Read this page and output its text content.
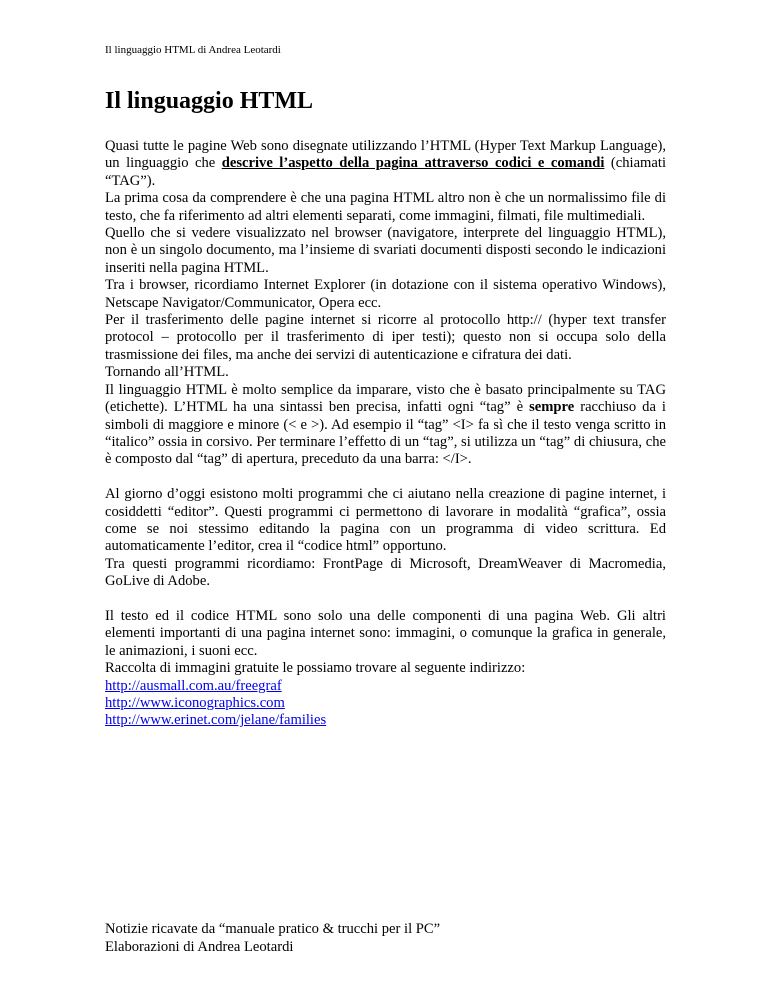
Il linguaggio HTML di Andrea Leotardi
Il linguaggio HTML

Quasi tutte le pagine Web sono disegnate utilizzando l’HTML (Hyper Text Markup Language), un linguaggio che descrive l’aspetto della pagina attraverso codici e comandi (chiamati “TAG”).

La prima cosa da comprendere è che una pagina HTML altro non è che un normalissimo file di testo, che fa riferimento ad altri elementi separati, come immagini, filmati, file multimediali.

Quello che si vedere visualizzato nel browser (navigatore, interprete del linguaggio HTML), non è un singolo documento, ma l’insieme di svariati documenti disposti secondo le indicazioni inseriti nella pagina HTML.

Tra i browser, ricordiamo Internet Explorer (in dotazione con il sistema operativo Windows), Netscape Navigator/Communicator, Opera ecc.

Per il trasferimento delle pagine internet si ricorre al protocollo http:// (hyper text transfer protocol – protocollo per il trasferimento di iper testi); questo non si occupa solo della trasmissione dei files, ma anche dei servizi di autenticazione e cifratura dei dati.

Tornando all’HTML.

Il linguaggio HTML è molto semplice da imparare, visto che è basato principalmente su TAG (etichette). L’HTML ha una sintassi ben precisa, infatti ogni “tag” è sempre racchiuso da i simboli di maggiore e minore (< e >). Ad esempio il “tag” <I> fa sì che il testo venga scritto in “italico” ossia in corsivo. Per terminare l’effetto di un “tag”, si utilizza un “tag” di chiusura, che è composto dal “tag” di apertura, preceduto da una barra: </I>.

Al giorno d’oggi esistono molti programmi che ci aiutano nella creazione di pagine internet, i cosiddetti “editor”. Questi programmi ci permettono di lavorare in modalità “grafica”, ossia come se noi stessimo editando la pagina con un programma di video scrittura. Ed automaticamente l’editor, crea il “codice html” opportuno.

Tra questi programmi ricordiamo: FrontPage di Microsoft, DreamWeaver di Macromedia, GoLive di Adobe.

Il testo ed il codice HTML sono solo una delle componenti di una pagina Web. Gli altri elementi importanti di una pagina internet sono: immagini, o comunque la grafica in generale, le animazioni, i suoni ecc.

Raccolta di immagini gratuite le possiamo trovare al seguente indirizzo:

http://ausmall.com.au/freegraf

http://www.iconographics.com

http://www.erinet.com/jelane/families

Notizie ricavate da “manuale pratico & trucchi per il PC”
Elaborazioni di Andrea Leotardi
